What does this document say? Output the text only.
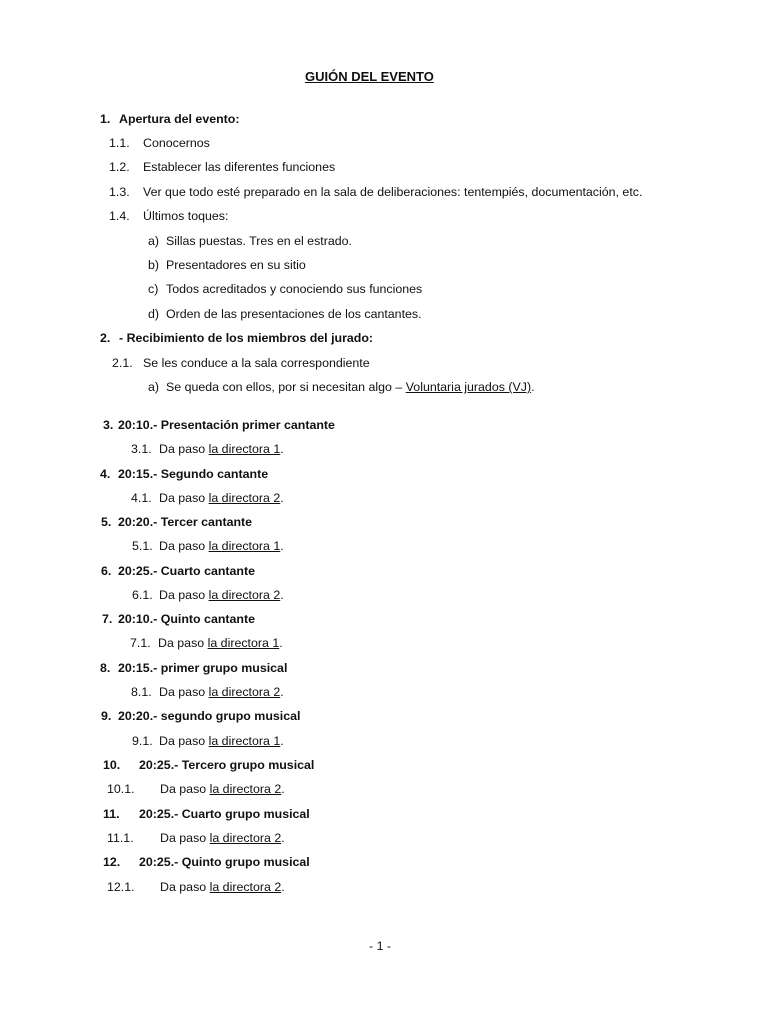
GUIÓN DEL EVENTO
1. Apertura del evento:
1.1. Conocernos
1.2. Establecer las diferentes funciones
1.3. Ver que todo esté preparado en la sala de deliberaciones: tentempiés, documentación, etc.
1.4. Últimos toques:
a) Sillas puestas. Tres en el estrado.
b) Presentadores en su sitio
c) Todos acreditados y conociendo sus funciones
d) Orden de las presentaciones de los cantantes.
2. - Recibimiento de los miembros del jurado:
2.1. Se les conduce a la sala correspondiente
a) Se queda con ellos, por si necesitan algo – Voluntaria jurados (VJ).
3. 20:10.- Presentación primer cantante
3.1. Da paso la directora 1.
4. 20:15.- Segundo cantante
4.1. Da paso la directora 2.
5. 20:20.- Tercer cantante
5.1. Da paso la directora 1.
6. 20:25.- Cuarto cantante
6.1. Da paso la directora 2.
7. 20:10.- Quinto cantante
7.1. Da paso la directora 1.
8. 20:15.- primer grupo musical
8.1. Da paso la directora 2.
9. 20:20.- segundo grupo musical
9.1. Da paso la directora 1.
10. 20:25.- Tercero grupo musical
10.1. Da paso la directora 2.
11. 20:25.- Cuarto grupo musical
11.1. Da paso la directora 2.
12. 20:25.- Quinto grupo musical
12.1. Da paso la directora 2.
- 1 -
